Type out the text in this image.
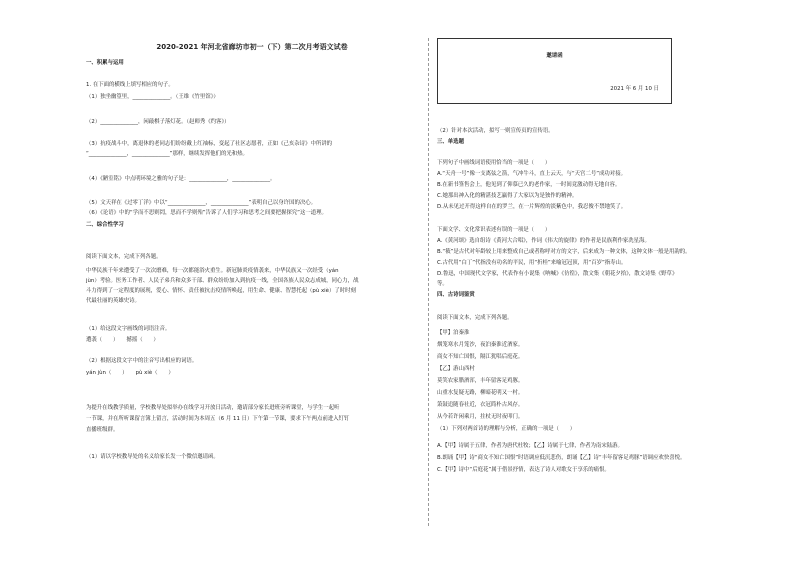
2020-2021 年河北省廊坊市初一（下）第二次月考语文试卷
一、积累与运用
1. 在下面的横线上填写相应的句子。
（1）独坐幽篁里，______________。（王维《竹里馆》）
（2）______________，闲敲棋子落灯花。（赵师秀《约客》）
（3）抗疫战斗中，离退休的老同志们纷纷戴上红袖标，变起了社区志愿者，正如《己亥杂诗》中所讲的
“______________，______________”那样，继续发挥他们的光和热。
（4）《陋室铭》中点明环境之雅的句子是：______________，______________。
（5）文天祥在《过零丁洋》中以“______________，______________”表明自己以身许国的决心。
（6）《论语》中的“学而不思则罔，思而不学则殆”告诉了人们学习和思考之间要把握探究”这一道理。
二、综合性学习
阅读下面文本，完成下列各题。
中华民族千年来遭受了一次次磨难，每一次都能浴火重生。新冠肺炎疫情袭来，中华民族又一次经受（yán
jùn）考验。医务工作者、人民子弟兵和众多干部、群众纷纷加入到抗疫一线，全国各族人民众志成城，同心力，战
斗力得到了一定程度的展现，爱心、情怀、责任被抗击疫情所唤起，用生命、健康、智慧托起（pù xiè）了时时刻
代最壮丽的英雄史诗。
（1）给这段文字画线的词语注音。
遭袭（　　）　　撼摇（　　）
（2）根据这段文字中的注音写出相应的词语。
yán jùn（　　）　　pù xiè（　　）
为提升在线教学质量，学校教导处拟举办在线学习开放日活动，邀请部分家长进班旁听课堂，与学生一起听
一节课，并在所听课留言簿上留言，活动时间为本周五（6 月 11 日）下午第一节课，要求下午两点前进入钉钉
直播班级群。
（1）请以学校教导处的名义给家长发一个微信邀请函。
邀请函
2021 年 6 月 10 日
（2）针对本次活动，拟写一则宣传页的宣传语。
三、单选题
下列句子中画线词语使用恰当的一项是（　　）
A.“天舟一号”像一支离弦之箭，气冲牛斗，直上云天，与“天宫二号”成功对接。
B.在新书签售会上，他见到了仰慕已久的老作家，一时间竟激动得无地自容。
C.她那出神入化的精湛技艺赢得了大家以为是独作的精神。
D.从未见过开得这样自在的罗兰，在一片辉煌的淡紫色中，我忍俊不禁地笑了。
下面文学、文化常识表述有误的一项是（　　）
A.《黄河颂》选自组诗《黄河大合唱》，作词《伟大的旋律》的作者是民族利作家冼星海。
B.“筱”是古代对年龄较上用来整成自己或者称呼对方的文字，后来成为一种文体，这种文体一般是用韵的。
C.古代用“白丁”代指没有功名的平民，用“折桂”来喻冠冠顶，用“百岁”指寿山。
D.鲁迅，中国现代文学家，代表作有小说集《呐喊》《彷徨》，散文集《朝花夕拾》，散文诗集《野草》
等。
四、古诗词鉴赏
阅读下面文本，完成下列各题。
【甲】泊秦淮
烟笼寒水月笼沙，夜泊秦淮近酒家。
商女不知亡国恨，隔江犹唱后庭花。
【乙】游山西村
莫笑农家腊酒浑，丰年留客足鸡豚。
山重水复疑无路，柳暗花明又一村。
箫鼓追随春社近，衣冠简朴古风存。
从今若许闲乘月，拄杖无时夜叩门。
（1）下列对两首诗的理解与分析，正确的一项是（　　）
A.【甲】诗属于五律，作者为唐代杜牧；【乙】诗属于七律，作者为南宋陆游。
B.朗诵【甲】诗“商女不知亡国恨”时语调应低沉悲伤，朗诵【乙】诗“丰年留客足鸡豚”语调应欢快喜悦。
C.【甲】诗中“后庭花”属于借景抒情，表达了诗人对歌女于享乐的痛恨。
